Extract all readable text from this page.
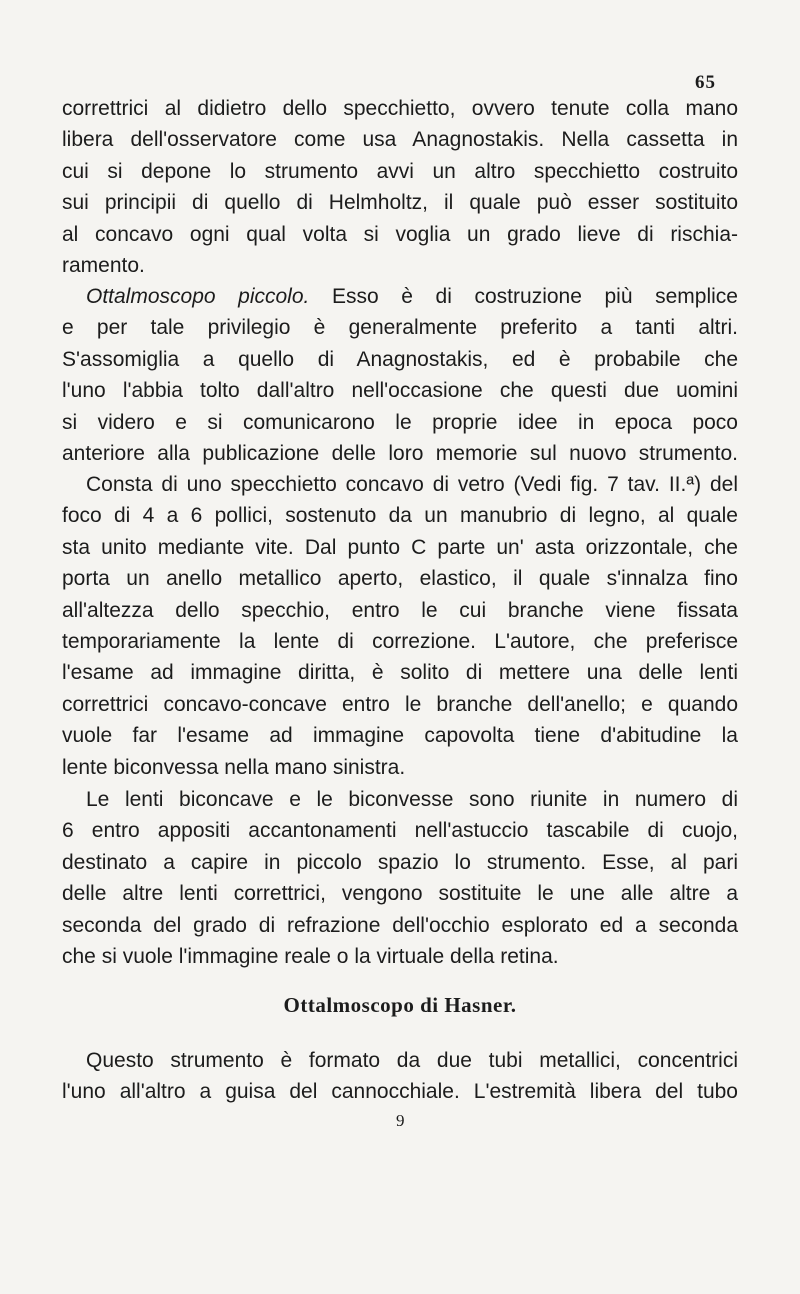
65
correttrici al didietro dello specchietto, ovvero tenute colla mano
libera dell'osservatore come usa Anagnostakis. Nella cassetta in
cui si depone lo strumento avvi un altro specchietto costruito
sui principii di quello di Helmholtz, il quale può esser sostituito
al concavo ogni qual volta si voglia un grado lieve di rischia-
ramento.
Ottalmoscopo piccolo. Esso è di costruzione più semplice
e per tale privilegio è generalmente preferito a tanti altri.
S'assomiglia a quello di Anagnostakis, ed è probabile che
l'uno l'abbia tolto dall'altro nell'occasione che questi due uomini
si videro e si comunicarono le proprie idee in epoca poco
anteriore alla publicazione delle loro memorie sul nuovo strumento.
Consta di uno specchietto concavo di vetro (Vedi fig. 7 tav. II.ª) del
foco di 4 a 6 pollici, sostenuto da un manubrio di legno, al quale
sta unito mediante vite. Dal punto C parte un' asta orizzontale, che
porta un anello metallico aperto, elastico, il quale s'innalza fino
all'altezza dello specchio, entro le cui branche viene fissata
temporariamente la lente di correzione. L'autore, che preferisce
l'esame ad immagine diritta, è solito di mettere una delle lenti
correttrici concavo-concave entro le branche dell'anello; e quando
vuole far l'esame ad immagine capovolta tiene d'abitudine la
lente biconvessa nella mano sinistra.
Le lenti biconcave e le biconvesse sono riunite in numero di
6 entro appositi accantonamenti nell'astuccio tascabile di cuojo,
destinato a capire in piccolo spazio lo strumento. Esse, al pari
delle altre lenti correttrici, vengono sostituite le une alle altre a
seconda del grado di refrazione dell'occhio esplorato ed a seconda
che si vuole l'immagine reale o la virtuale della retina.
Ottalmoscopo di Hasner.
Questo strumento è formato da due tubi metallici, concentrici
l'uno all'altro a guisa del cannocchiale. L'estremità libera del tubo
9
